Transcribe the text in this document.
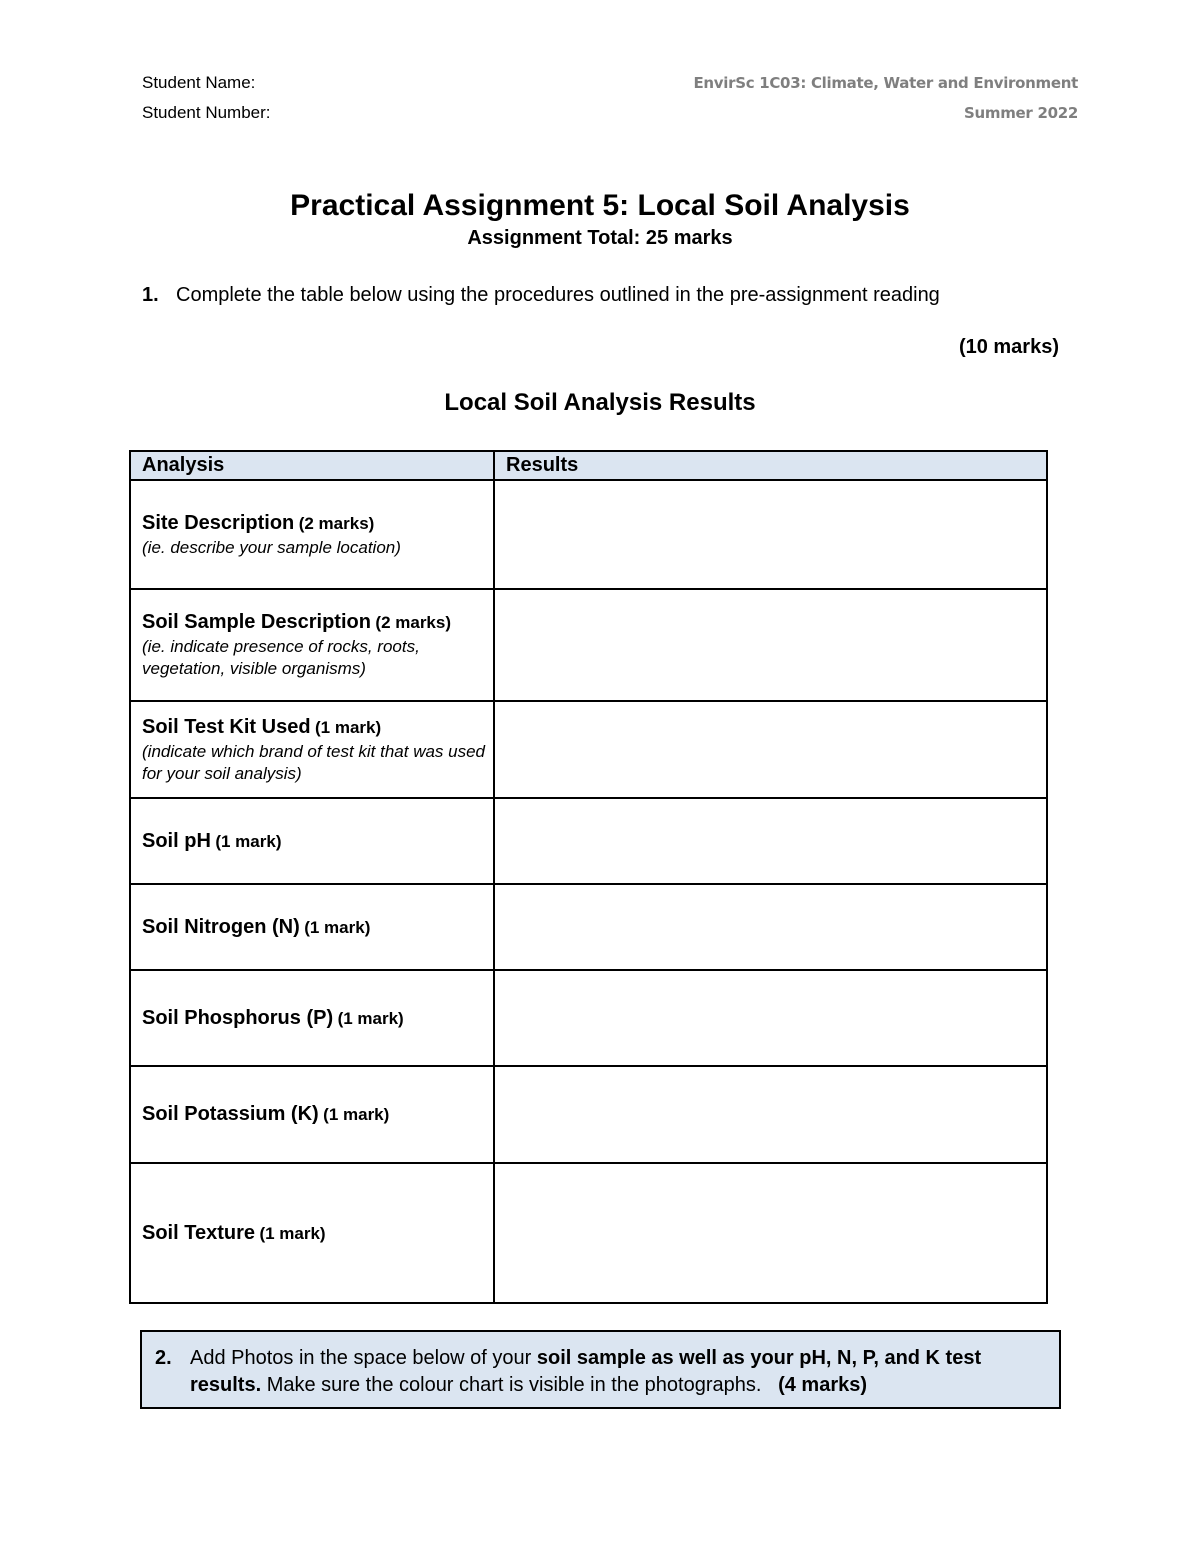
Student Name:
Student Number:
EnvirSc 1C03: Climate, Water and Environment
Summer 2022
Practical Assignment 5: Local Soil Analysis
Assignment Total: 25 marks
1. Complete the table below using the procedures outlined in the pre-assignment reading
(10 marks)
Local Soil Analysis Results
Analysis	Results

Site Description (2 marks)
(ie. describe your sample location)	

Soil Sample Description (2 marks)
(ie. indicate presence of rocks, roots, vegetation, visible organisms)	

Soil Test Kit Used (1 mark)
(indicate which brand of test kit that was used for your soil analysis)	

Soil pH (1 mark)	
Soil Nitrogen (N) (1 mark)	
Soil Phosphorus (P) (1 mark)	
Soil Potassium (K) (1 mark)	
Soil Texture (1 mark)	
2. Add Photos in the space below of your soil sample as well as your pH, N, P, and K test results. Make sure the colour chart is visible in the photographs. (4 marks)
